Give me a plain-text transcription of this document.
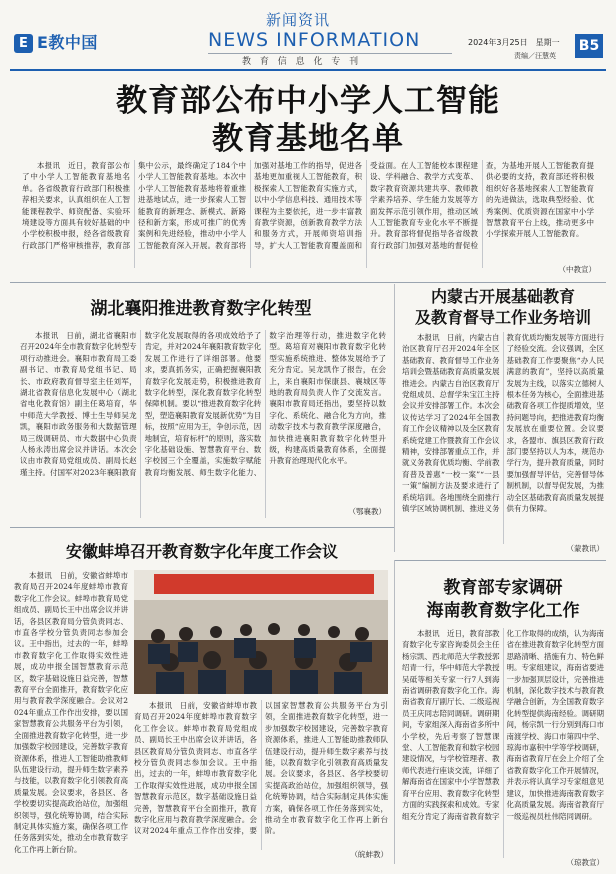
E E教中国
新闻资讯
NEWS INFORMATION
教 育 信 息 化 专 刊
2024年3月25日　星期一
责编／汪慧英
B5
教育部公布中小学人工智能
教育基地名单

本报讯　近日，教育部公布了中小学人工智能教育基地名单。各省级教育行政部门积极推荐相关要求，认真组织在人工智能课程教学、师资配备、实验环境建设等方面具有较好基础的中小学校积极申报，经各省级教育行政部门严格审核推荐，教育部集中公示，最终确定了184个中小学人工智能教育基地。本次中小学人工智能教育基地将着重推进基地试点，进一步探索人工智能教育的新理念、新模式、新路径和新方案，形成可推广的优秀案例和先进经验，推动中小学人工智能教育深入开展。教育部将加强对基地工作的指导，促进各基地更加重视人工智能教育，积极探索人工智能教育实施方式，以中小学信息科技、通用技术等课程为主要依托，进一步丰富教育教学资源，创新教育教学方法和服务方式，开展师资培训指导，扩大人工智能教育覆盖面和受益面。在人工智能校本课程建设、学科融合、教学方式变革、数字教育资源共建共享、教师教学素养培养、学生能力发展等方面发挥示范引领作用，推动区域人工智能教育专业化水平不断提升。教育部将督促指导各省级教育行政部门加强对基地的督促检查，为基地开展人工智能教育提供必要的支持，教育部还将积极组织好各基地探索人工智能教育的先进做法，选取典型经验、优秀案例、优质资源在国家中小学智慧教育平台上线，推动更多中小学探索开展人工智能教育。

（中教宣）
湖北襄阳推进教育数字化转型

本报讯　日前，湖北省襄阳市召开2024年全市教育数字化转型专项行动推进会。襄阳市教育局工委副书记、市教育局党组书记、局长、市政府教育督导室主任刘军，湖北省教育信息化发展中心（湖北省电化教育馆）副主任葛培育，华中师范大学教授、博士生导师吴龙凯，襄阳市政务服务和大数据管理局三级调研员、市大数据中心负责人杨永涛出席会议并讲话。本次会议由市教育局党组成员、副局长赵瑾主持。付国军对2023年襄阳教育数字化发展取得的各项成效给予了肯定，并对2024年襄阳教育数字化发展工作进行了详细部署。他要求，要真抓务实，正确把握襄阳教育数字化发展走势，积极推进教育数字化转型，深化教育数字化转型保障机制。要以“推进教育数字化转型，塑造襄阳教育发展新优势”为目标，按照“应用为王，争创示范，因地制宜，培育标杆”的原则，落实数字化基础设施、智慧教育平台、数字校园三个全覆盖，实施数字赋能教育均衡发展、师生数字化能力、数字治理等行动，推进数字化转型。葛培育对襄阳市教育数字化转型实施系统推进、整体发展给予了充分肯定。吴龙凯作了报告，在会上，来自襄阳市保康县、襄城区等地的教育局负责人作了交流发言。襄阳市教育局还指出，要坚持以数字化、系统化、融合化为方向，推动数字技术与教育教学深度融合，加快推进襄阳教育数字化转型升级，构建高质量教育体系，全面提升教育治理现代化水平。

（鄂襄教）
内蒙古开展基础教育
及教育督导工作业务培训

本报讯　日前，内蒙古自治区教育厅召开2024年全区基础教育、教育督导工作业务培训会暨基础教育高质量发展推进会。内蒙古自治区教育厅党组成员、总督学朱宝江主持会议并安排部署工作。本次会议传达学习了2024年全国教育工作会议精神以及全区教育系统党建工作暨教育工作会议精神，安排部署重点工作，并就义务教育优质均衡、学前教育普及普惠“一校一案”“一县一策”编制方法及要求进行了系统培训。各地围绕全面推行镇学区域协调机制、推进义务教育优质均衡发展等方面进行了经验交流。会议强调，全区基础教育工作要聚焦“办人民满意的教育”，坚持以高质量发展为主线，以落实立德树人根本任务为核心，全面推进基础教育各项工作提质增效，坚持问题导向，把推进教育均衡发展放在重要位置。会议要求，各盟市、旗县区教育行政部门要坚持以人为本，规范办学行为，提升教育质量，同时要加强督导评估，完善督导体制机制，以督导促发展，为推动全区基础教育高质量发展提供有力保障。

（蒙教讯）
安徽蚌埠召开教育数字化年度工作会议

本报讯　日前，安徽省蚌埠市教育局召开2024年度蚌埠市教育数字化工作会议。蚌埠市教育局党组成员、副局长王中出席会议并讲话，各县区教育局分管负责同志、市直各学校分管负责同志参加会议。王中指出，过去的一年，蚌埠市教育数字化工作取得实效性进展，成功申报全国智慧教育示范区，数字基础设施日益完善，智慧教育平台全面推开，教育数字化应用与教育教学深度融合。会议对2024年重点工作作出安排，要以国家智慧教育公共服务平台为引领，全面推进教育数字化转型，进一步加强数字校园建设，完善数字教育资源体系，推进人工智能助推教师队伍建设行动，提升师生数字素养与技能，以教育数字化引领教育高质量发展。会议要求，各县区、各学校要切实提高政治站位，加强组织领导，强化统筹协调，结合实际制定具体实施方案，确保各项工作任务落到实处，推动全市教育数字化工作再上新台阶。

本报讯　日前，安徽省蚌埠市教育局召开2024年度蚌埠市教育数字化工作会议。蚌埠市教育局党组成员、副局长王中出席会议并讲话，各县区教育局分管负责同志、市直各学校分管负责同志参加会议。王中指出，过去的一年，蚌埠市教育数字化工作取得实效性进展，成功申报全国智慧教育示范区，数字基础设施日益完善，智慧教育平台全面推开，教育数字化应用与教育教学深度融合。会议对2024年重点工作作出安排，要以国家智慧教育公共服务平台为引领，全面推进教育数字化转型，进一步加强数字校园建设，完善数字教育资源体系，推进人工智能助推教师队伍建设行动，提升师生数字素养与技能，以教育数字化引领教育高质量发展。会议要求，各县区、各学校要切实提高政治站位，加强组织领导，强化统筹协调，结合实际制定具体实施方案，确保各项工作任务落到实处，推动全市教育数字化工作再上新台阶。

（皖蚌教）
教育部专家调研
海南教育数字化工作

本报讯　近日，教育部教育数字化专家咨询委员会主任杨宗凯、西北师范大学教授郭绍青一行，华中师范大学教授吴砥等相关专家一行7人到海南省调研教育数字化工作。海南省教育厅副厅长、二级巡视员王庆同志陪同调研。调研期间，专家组深入海南省多所中小学校，先后考察了智慧课堂、人工智能教育和数字校园建设情况，与学校管理者、教师代表进行座谈交流，详细了解海南省在国家中小学智慧教育平台应用、教育数字化转型方面的实践探索和成效。专家组充分肯定了海南省教育数字化工作取得的成绩，认为海南省在推进教育数字化转型方面思路清晰、措施有力、特色鲜明。专家组建议，海南省要进一步加强顶层设计，完善推进机制，深化数字技术与教育教学融合创新，为全国教育数字化转型提供海南经验。调研期间，杨宗凯一行分别到海口市南渡学校、海口市第四中学、琼海市嘉积中学等学校调研，海南省教育厅在会上介绍了全省教育数字化工作开展情况，并表示将认真学习专家组意见建议，加快推进海南教育数字化高质量发展。海南省教育厅一级巡视员杜伟陪同调研。

（琼教宣）
